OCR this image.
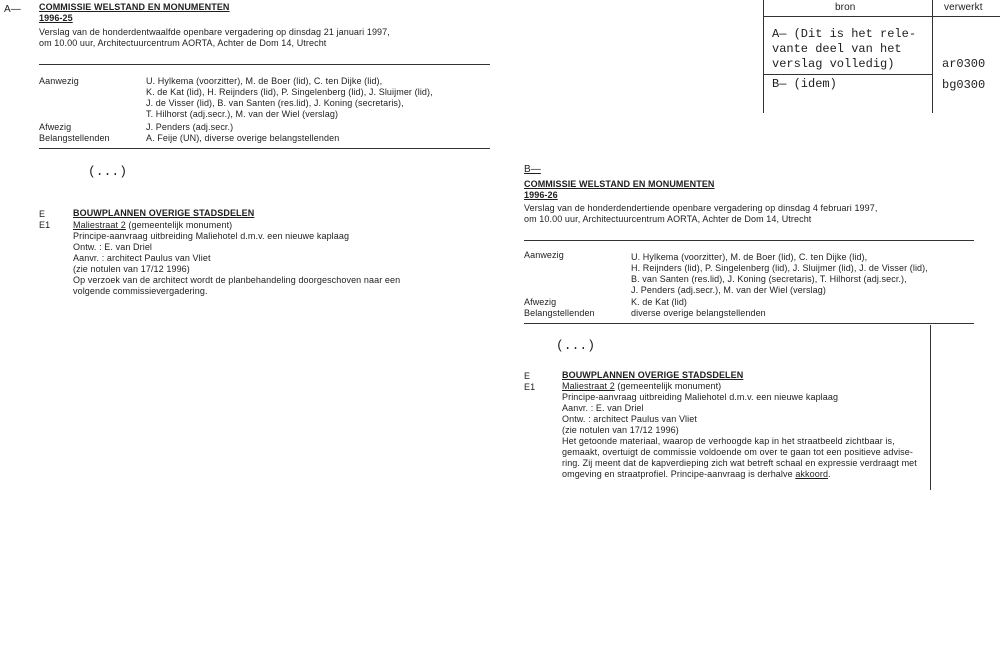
bron	verwerkt
A— (Dit is het rele-
vante deel van het
verslag volledig)	ar0300
B— (idem)	bg0300
A— COMMISSIE WELSTAND EN MONUMENTEN
1996-25
Verslag van de honderdentwaalfde openbare vergadering op dinsdag 21 januari 1997,
om 10.00 uur, Architectuurcentrum AORTA, Achter de Dom 14, Utrecht
Aanwezig	U. Hylkema (voorzitter), M. de Boer (lid), C. ten Dijke (lid),
K. de Kat (lid), H. Reijnders (lid), P. Singelenberg (lid), J. Sluijmer (lid),
J. de Visser (lid), B. van Santen (res.lid), J. Koning (secretaris),
T. Hilhorst (adj.secr.), M. van der Wiel (verslag)
Afwezig	J. Penders (adj.secr.)
Belangstellenden	A. Feije (UN), diverse overige belangstellenden
(...)
E	BOUWPLANNEN OVERIGE STADSDELEN
E1	Maliestraat 2 (gemeentelijk monument)
Principe-aanvraag uitbreiding Maliehotel d.m.v. een nieuwe kaplaag
Ontw. : E. van Driel
Aanvr. : architect Paulus van Vliet
(zie notulen van 17/12 1996)
Op verzoek van de architect wordt de planbehandeling doorgeschoven naar een
volgende commissievergadering.
B—
COMMISSIE WELSTAND EN MONUMENTEN
1996-26
Verslag van de honderdendertiende openbare vergadering op dinsdag 4 februari 1997,
om 10.00 uur, Architectuurcentrum AORTA, Achter de Dom 14, Utrecht
Aanwezig	U. Hylkema (voorzitter), M. de Boer (lid), C. ten Dijke (lid),
H. Reijnders (lid), P. Singelenberg (lid), J. Sluijmer (lid), J. de Visser (lid),
B. van Santen (res.lid), J. Koning (secretaris), T. Hilhorst (adj.secr.),
J. Penders (adj.secr.), M. van der Wiel (verslag)
Afwezig	K. de Kat (lid)
Belangstellenden	diverse overige belangstellenden
(...)
E	BOUWPLANNEN OVERIGE STADSDELEN
E1	Maliestraat 2 (gemeentelijk monument)
Principe-aanvraag uitbreiding Maliehotel d.m.v. een nieuwe kaplaag
Aanvr. : E. van Driel
Ontw. : architect Paulus van Vliet
(zie notulen van 17/12 1996)
Het getoonde materiaal, waarop de verhoogde kap in het straatbeeld zichtbaar is,
gemaakt, overtuigt de commissie voldoende om over te gaan tot een positieve advise-
ring. Zij meent dat de kapverdieping zich wat betreft schaal en expressie verdraagt met
omgeving en straatprofiel. Principe-aanvraag is derhalve akkoord.
